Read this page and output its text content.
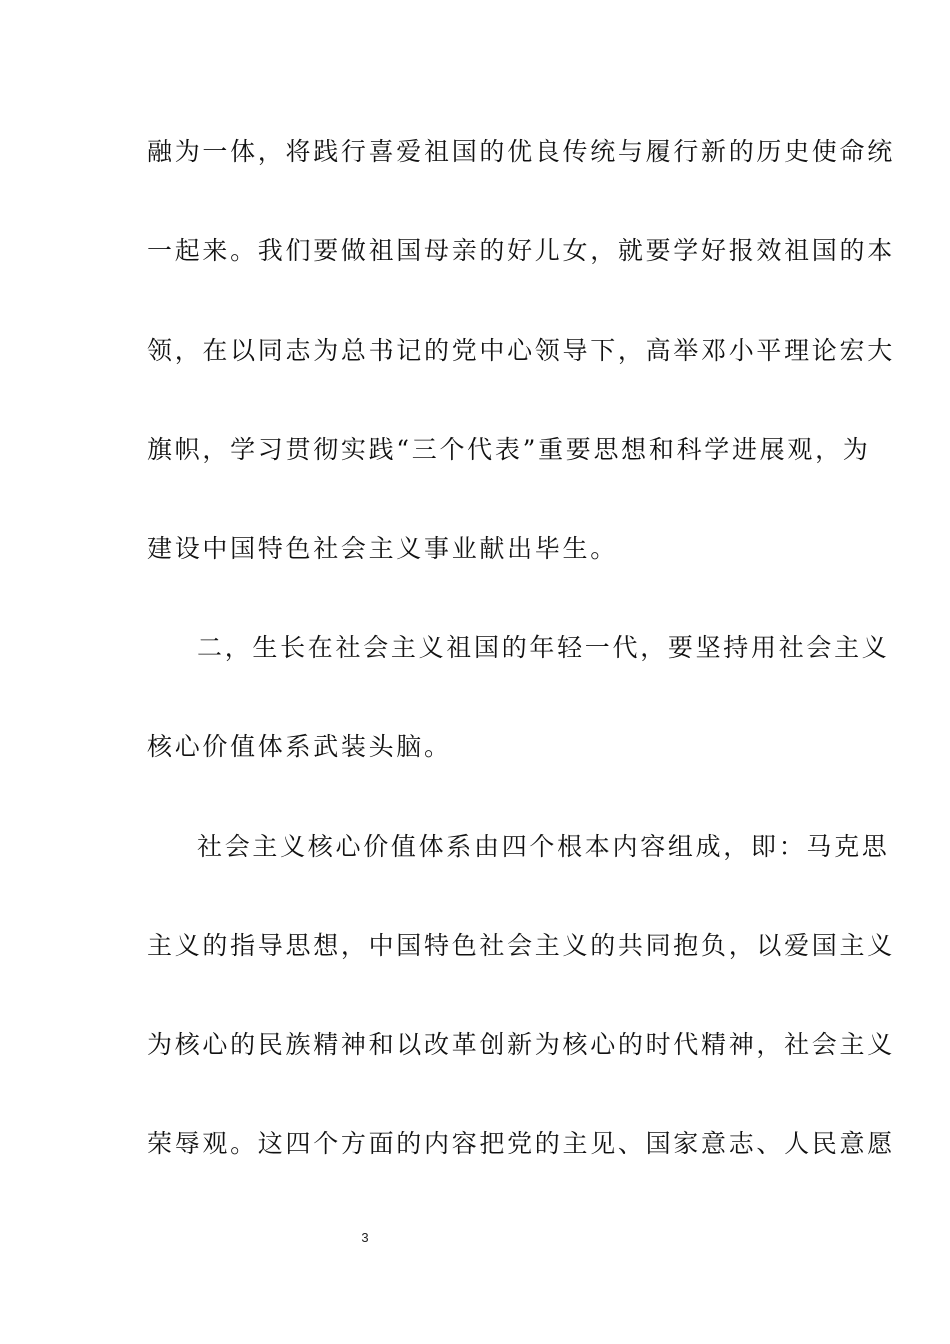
融为一体，将践行喜爱祖国的优良传统与履行新的历史使命统
一起来。我们要做祖国母亲的好儿女，就要学好报效祖国的本
领，在以同志为总书记的党中心领导下，高举邓小平理论宏大
旗帜，学习贯彻实践“三个代表”重要思想和科学进展观，为
建设中国特色社会主义事业献出毕生。
二，生长在社会主义祖国的年轻一代，要坚持用社会主义
核心价值体系武装头脑。
社会主义核心价值体系由四个根本内容组成，即：马克思
主义的指导思想，中国特色社会主义的共同抱负，以爱国主义
为核心的民族精神和以改革创新为核心的时代精神，社会主义
荣辱观。这四个方面的内容把党的主见、国家意志、人民意愿
3
